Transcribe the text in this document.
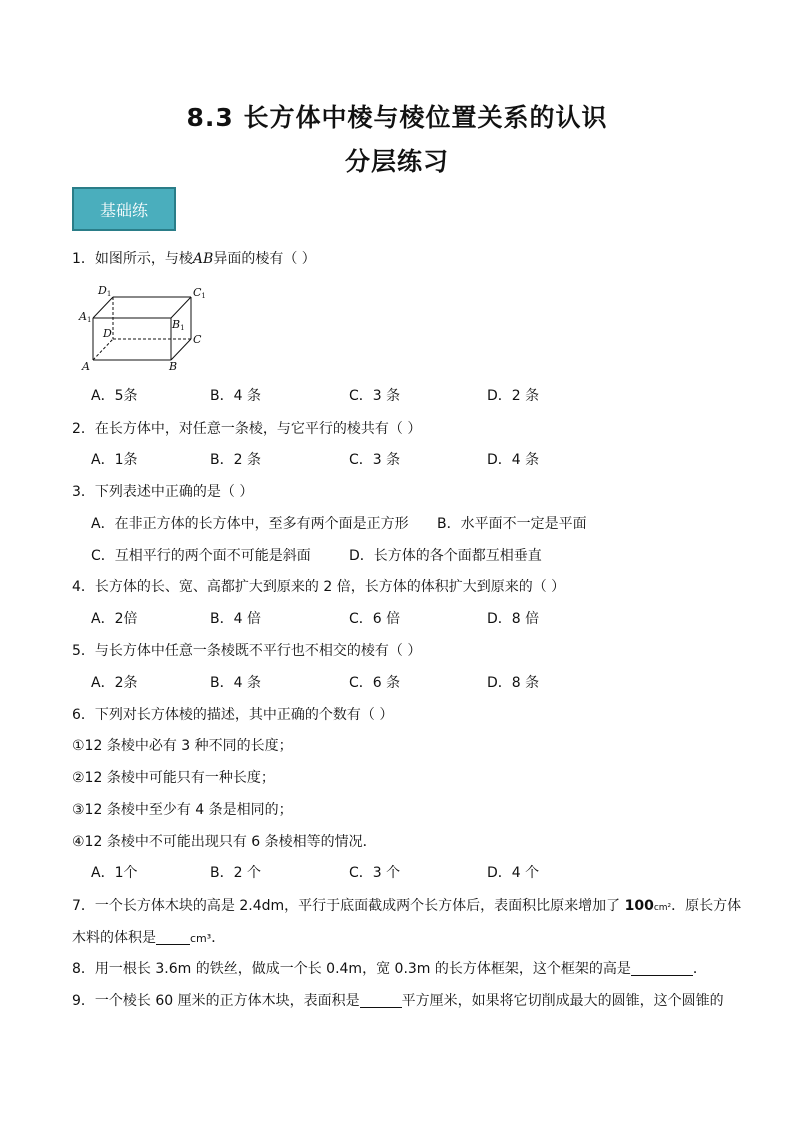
8.3 长方体中棱与棱位置关系的认识
分层练习
基础练
1．如图所示，与棱AB异面的棱有（ ）
D1	C1
A1	B1
D	C
A	B
A．5条	B．4 条	C．3 条	D．2 条
2．在长方体中，对任意一条棱，与它平行的棱共有（ ）
A．1条	B．2 条	C．3 条	D．4 条
3．下列表述中正确的是（ ）
A．在非正方体的长方体中，至多有两个面是正方形 B．水平面不一定是平面
C．互相平行的两个面不可能是斜面	D．长方体的各个面都互相垂直
4．长方体的长、宽、高都扩大到原来的 2 倍，长方体的体积扩大到原来的（ ）
A．2倍	B．4 倍	C．6 倍	D．8 倍
5．与长方体中任意一条棱既不平行也不相交的棱有（ ）
A．2条	B．4 条	C．6 条	D．8 条
6．下列对长方体棱的描述，其中正确的个数有（ ）
①12 条棱中必有 3 种不同的长度；
②12 条棱中可能只有一种长度；
③12 条棱中至少有 4 条是相同的；
④12 条棱中不可能出现只有 6 条棱相等的情况．
A．1个	B．2 个	C．3 个	D．4 个
7．一个长方体木块的高是 2.4dm，平行于底面截成两个长方体后，表面积比原来增加了 100cm²．原长方体
木料的体积是	cm³．
8．用一根长 3.6m 的铁丝，做成一个长 0.4m，宽 0.3m 的长方体框架，这个框架的高是	．
9．一个棱长 60 厘米的正方体木块，表面积是	平方厘米，如果将它切削成最大的圆锥，这个圆锥的
